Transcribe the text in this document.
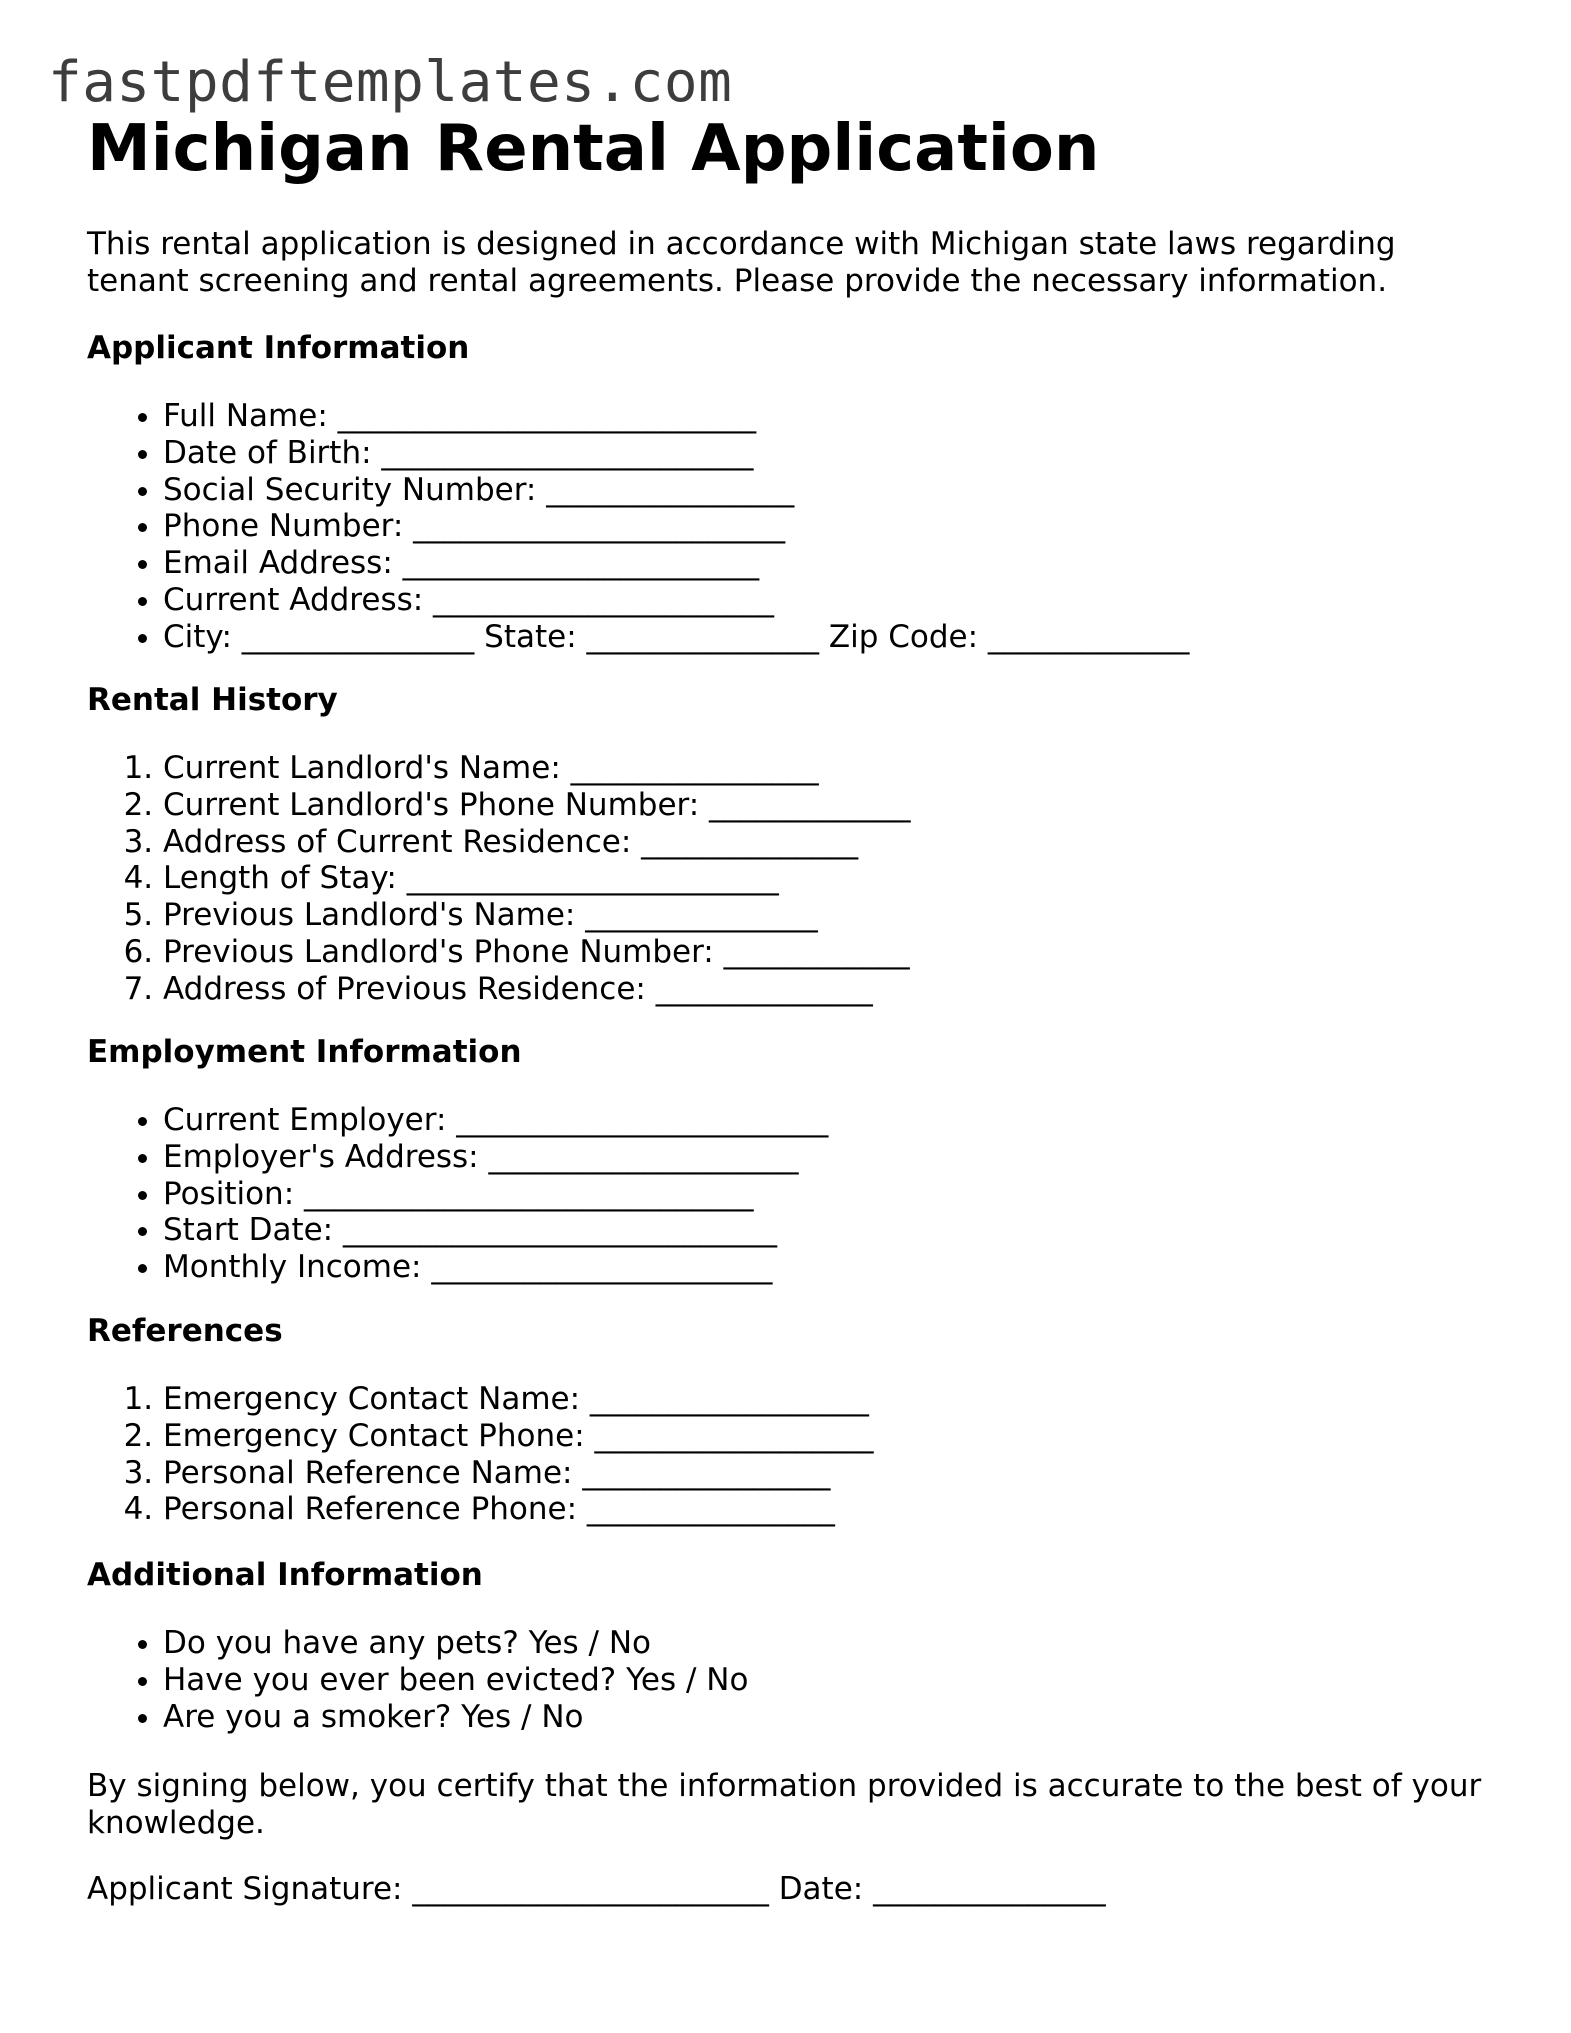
fastpdftemplates.com
Michigan Rental Application

This rental application is designed in accordance with Michigan state laws regarding tenant screening and rental agreements. Please provide the necessary information.

Applicant Information
• Full Name: ___________________________
• Date of Birth: ________________________
• Social Security Number: ________________
• Phone Number: ________________________
• Email Address: _______________________
• Current Address: ______________________
• City: _______________ State: _______________ Zip Code: _____________
Rental History
1. Current Landlord's Name: ________________
2. Current Landlord's Phone Number: _____________
3. Address of Current Residence: ______________
4. Length of Stay: ________________________
5. Previous Landlord's Name: _______________
6. Previous Landlord's Phone Number: ____________
7. Address of Previous Residence: ______________
Employment Information
• Current Employer: ________________________
• Employer's Address: ____________________
• Position: _____________________________
• Start Date: ____________________________
• Monthly Income: ______________________
References
1. Emergency Contact Name: __________________
2. Emergency Contact Phone: __________________
3. Personal Reference Name: ________________
4. Personal Reference Phone: ________________
Additional Information
• Do you have any pets? Yes / No
• Have you ever been evicted? Yes / No
• Are you a smoker? Yes / No

By signing below, you certify that the information provided is accurate to the best of your knowledge.

Applicant Signature: _______________________ Date: _______________
